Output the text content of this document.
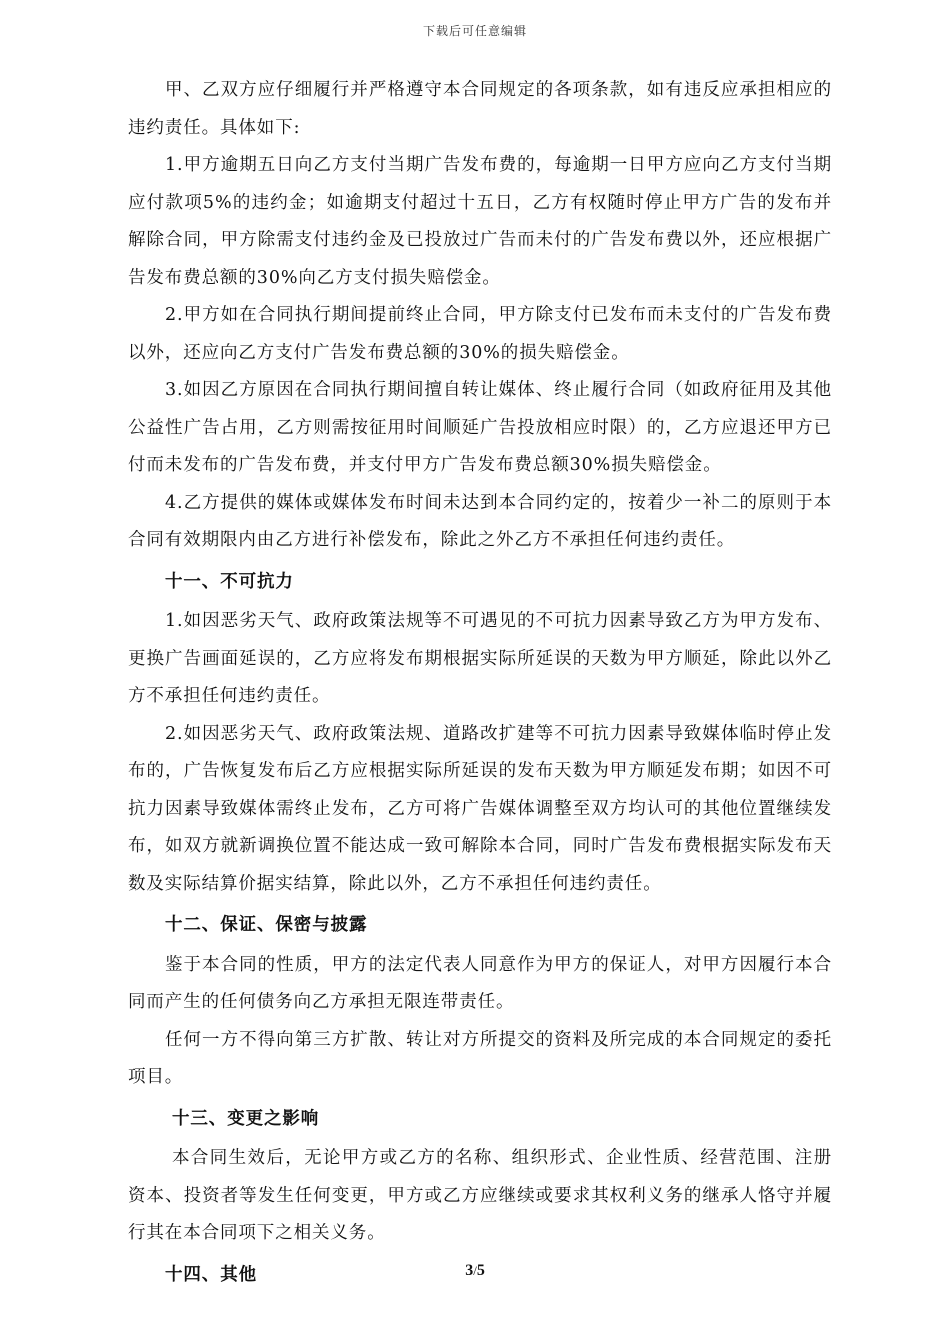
下载后可任意编辑

甲、乙双方应仔细履行并严格遵守本合同规定的各项条款，如有违反应承担相应的违约责任。具体如下:

1.甲方逾期五日向乙方支付当期广告发布费的，每逾期一日甲方应向乙方支付当期应付款项5%的违约金；如逾期支付超过十五日，乙方有权随时停止甲方广告的发布并解除合同，甲方除需支付违约金及已投放过广告而未付的广告发布费以外，还应根据广告发布费总额的30%向乙方支付损失赔偿金。

2.甲方如在合同执行期间提前终止合同，甲方除支付已发布而未支付的广告发布费以外，还应向乙方支付广告发布费总额的30%的损失赔偿金。

3.如因乙方原因在合同执行期间擅自转让媒体、终止履行合同（如政府征用及其他公益性广告占用，乙方则需按征用时间顺延广告投放相应时限）的，乙方应退还甲方已付而未发布的广告发布费，并支付甲方广告发布费总额30%损失赔偿金。

4.乙方提供的媒体或媒体发布时间未达到本合同约定的，按着少一补二的原则于本合同有效期限内由乙方进行补偿发布，除此之外乙方不承担任何违约责任。

十一、不可抗力

1.如因恶劣天气、政府政策法规等不可遇见的不可抗力因素导致乙方为甲方发布、更换广告画面延误的，乙方应将发布期根据实际所延误的天数为甲方顺延，除此以外乙方不承担任何违约责任。

2.如因恶劣天气、政府政策法规、道路改扩建等不可抗力因素导致媒体临时停止发布的，广告恢复发布后乙方应根据实际所延误的发布天数为甲方顺延发布期；如因不可抗力因素导致媒体需终止发布，乙方可将广告媒体调整至双方均认可的其他位置继续发布，如双方就新调换位置不能达成一致可解除本合同，同时广告发布费根据实际发布天数及实际结算价据实结算，除此以外，乙方不承担任何违约责任。

十二、保证、保密与披露

鉴于本合同的性质，甲方的法定代表人同意作为甲方的保证人，对甲方因履行本合同而产生的任何债务向乙方承担无限连带责任。

任何一方不得向第三方扩散、转让对方所提交的资料及所完成的本合同规定的委托项目。

十三、变更之影响

本合同生效后，无论甲方或乙方的名称、组织形式、企业性质、经营范围、注册资本、投资者等发生任何变更，甲方或乙方应继续或要求其权利义务的继承人恪守并履行其在本合同项下之相关义务。

十四、其他	3/5
